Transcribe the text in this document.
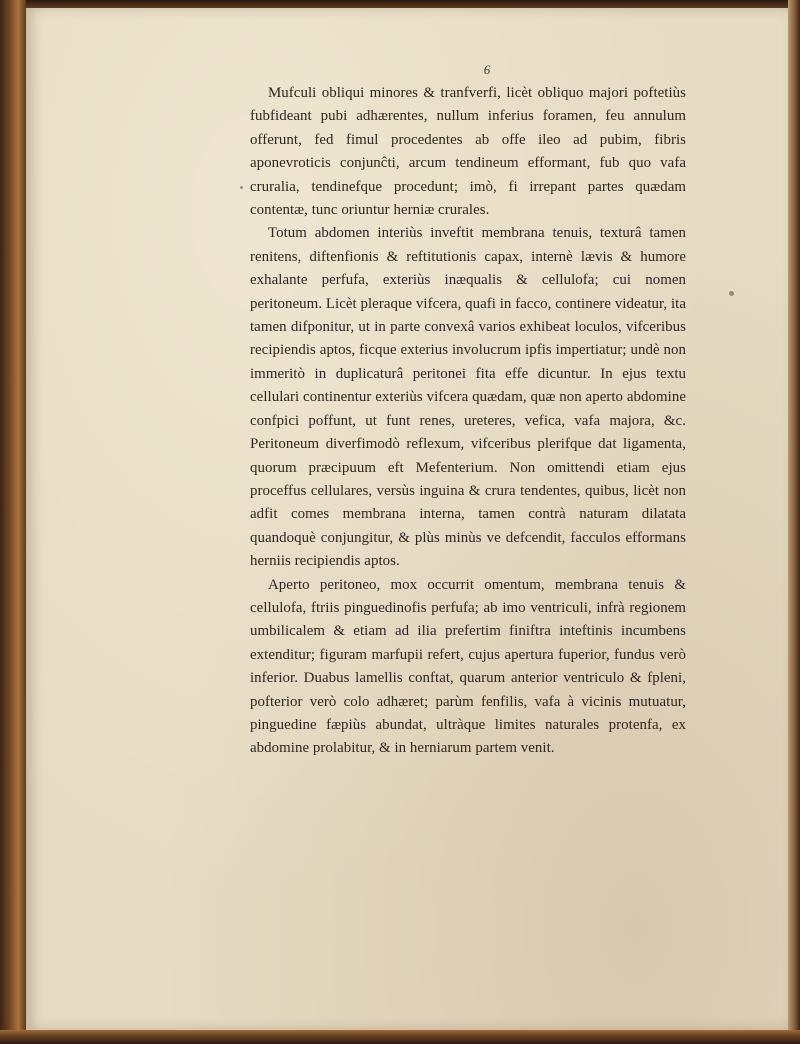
6

Mufculi obliqui minores & tranfverfi, licèt obliquo majori poftetiùs fubfideant pubi adhærentes, nullum inferius foramen, feu annulum offerunt, fed fimul procedentes ab offe ileo ad pubim, fibris aponevroticis conjunĉti, arcum tendineum efformant, fub quo vafa cruralia, tendinefque procedunt; imò, fi irrepant partes quædam contentæ, tunc oriuntur herniæ crurales.

Totum abdomen interiùs inveftit membrana tenuis, texturâ tamen renitens, diftenfionis & reftitutionis capax, internè lævis & humore exhalante perfufa, exteriùs inæqualis & cellulofa; cui nomen peritoneum. Licèt pleraque vifcera, quafi in facco, continere videatur, ita tamen difponitur, ut in parte convexâ varios exhibeat loculos, vifceribus recipiendis aptos, ficque exterius involucrum ipfis impertiatur; undè non immeritò in duplicaturâ peritonei fita effe dicuntur. In ejus textu cellulari continentur exteriùs vifcera quædam, quæ non aperto abdomine confpici poffunt, ut funt renes, ureteres, vefica, vafa majora, &c. Peritoneum diverfimodò reflexum, vifceribus plerifque dat ligamenta, quorum præcipuum eft Mefenterium. Non omittendi etiam ejus proceffus cellulares, versùs inguina & crura tendentes, quibus, licèt non adfit comes membrana interna, tamen contrà naturam dilatata quandoquè conjungitur, & plùs minùs ve defcendit, facculos efformans herniis recipiendis aptos.

Aperto peritoneo, mox occurrit omentum, membrana tenuis & cellulofa, ftriis pinguedinofis perfufa; ab imo ventriculi, infrà regionem umbilicalem & etiam ad ilia prefertim finiftra inteftinis incumbens extenditur; figuram marfupii refert, cujus apertura fuperior, fundus verò inferior. Duabus lamellis conftat, quarum anterior ventriculo & fpleni, pofterior verò colo adhæret; parùm fenfilis, vafa à vicinis mutuatur, pinguedine fæpiùs abundat, ultràque limites naturales protenfa, ex abdomine prolabitur, & in herniarum partem venit.
